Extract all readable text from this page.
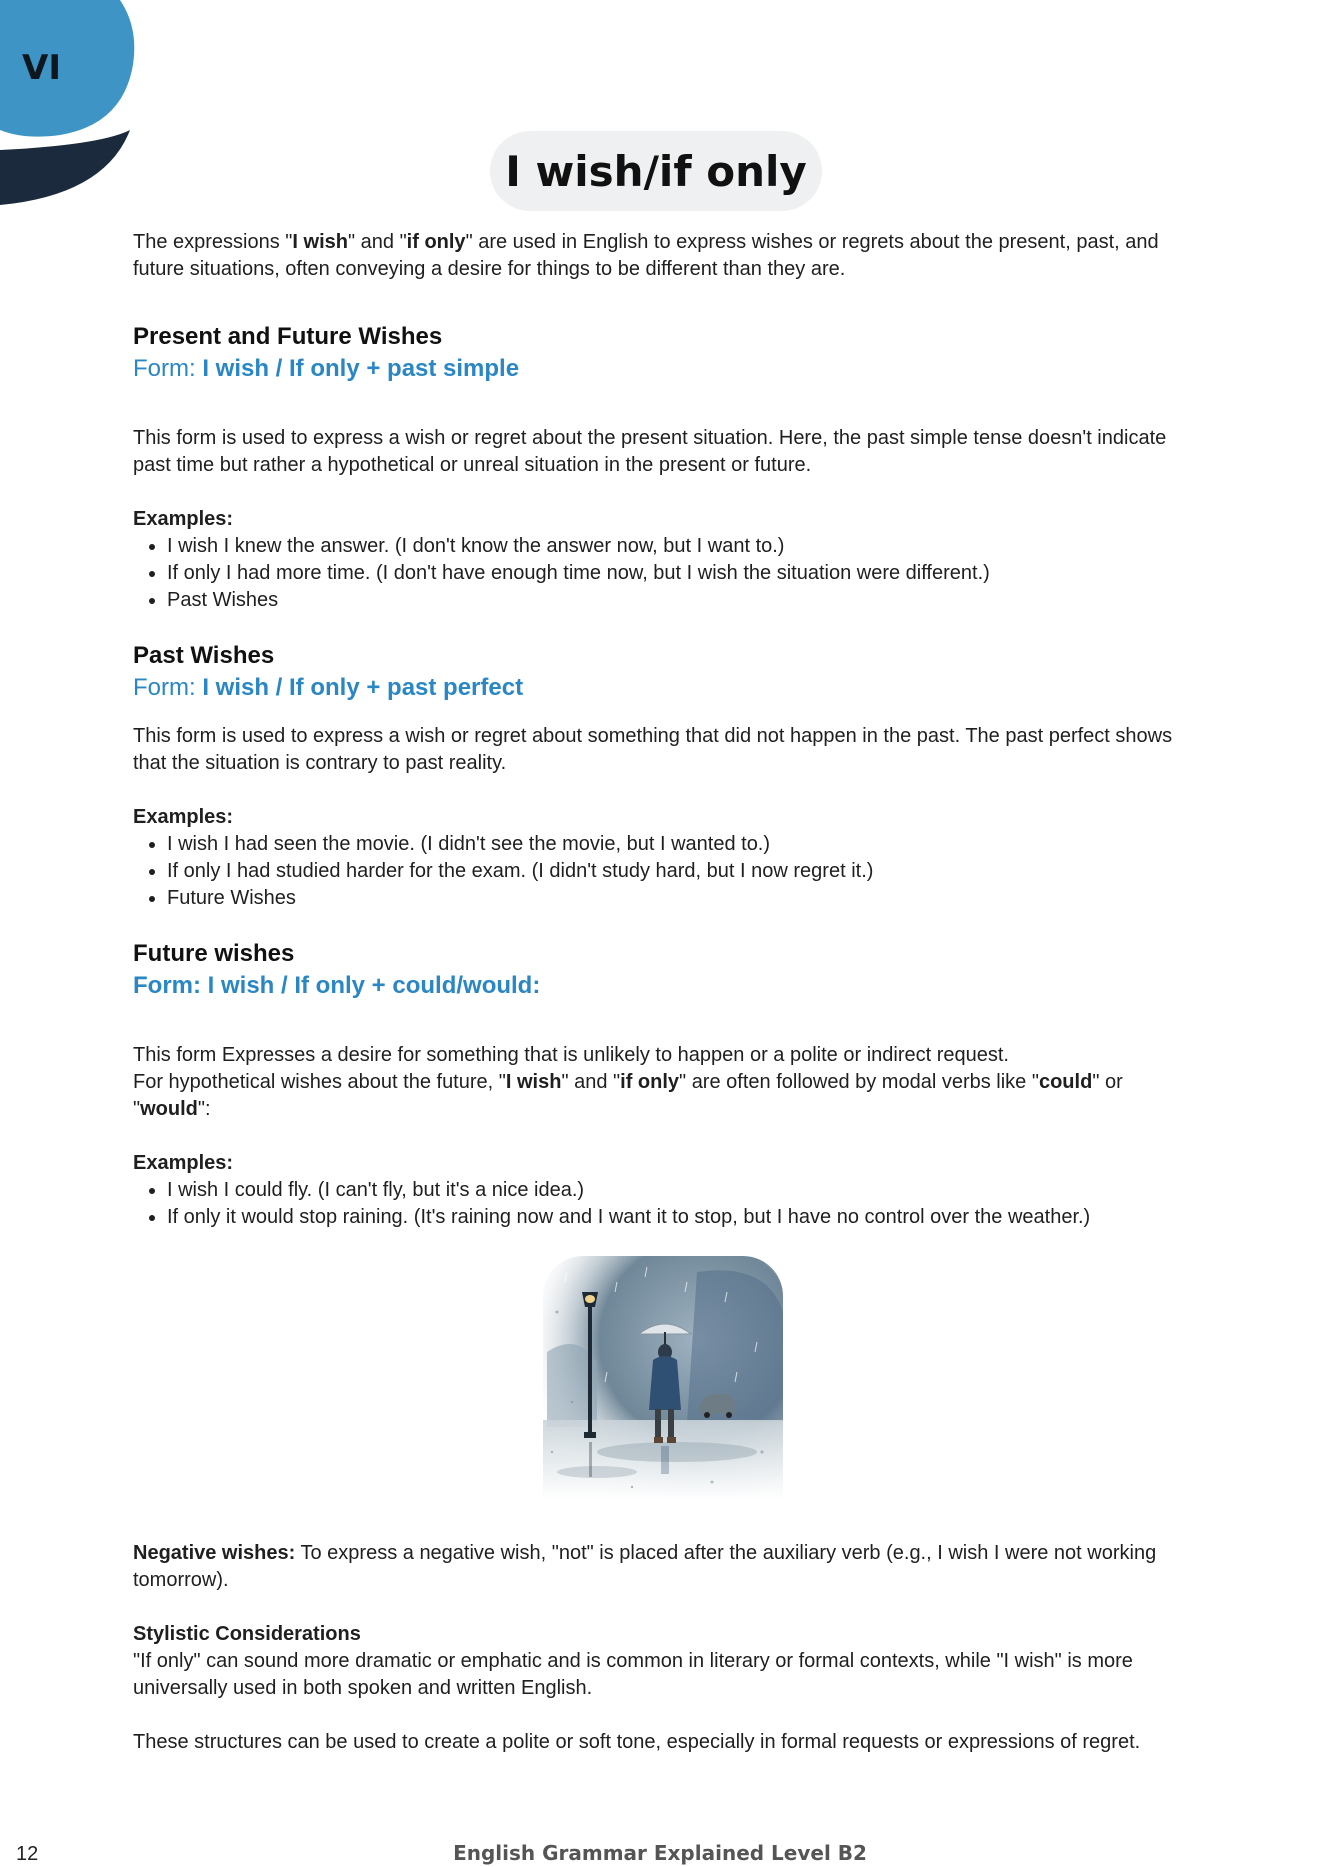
VI
I wish/if only

The expressions "I wish" and "if only" are used in English to express wishes or regrets about the present, past, and future situations, often conveying a desire for things to be different than they are.

Present and Future Wishes

Form: I wish / If only + past simple

This form is used to express a wish or regret about the present situation. Here, the past simple tense doesn't indicate past time but rather a hypothetical or unreal situation in the present or future.

Examples:

• I wish I knew the answer. (I don't know the answer now, but I want to.)
• If only I had more time. (I don't have enough time now, but I wish the situation were different.)
• Past Wishes

Past Wishes

Form: I wish / If only + past perfect

This form is used to express a wish or regret about something that did not happen in the past. The past perfect shows that the situation is contrary to past reality.

Examples:

• I wish I had seen the movie. (I didn't see the movie, but I wanted to.)
• If only I had studied harder for the exam. (I didn't study hard, but I now regret it.)
• Future Wishes

Future wishes

Form: I wish / If only + could/would:

This form Expresses a desire for something that is unlikely to happen or a polite or indirect request.

For hypothetical wishes about the future, "I wish" and "if only" are often followed by modal verbs like "could" or "would":

Examples:

• I wish I could fly. (I can't fly, but it's a nice idea.)
• If only it would stop raining. (It's raining now and I want it to stop, but I have no control over the weather.)

Negative wishes: To express a negative wish, "not" is placed after the auxiliary verb (e.g., I wish I were not working tomorrow).

Stylistic Considerations

"If only" can sound more dramatic or emphatic and is common in literary or formal contexts, while "I wish" is more universally used in both spoken and written English.

These structures can be used to create a polite or soft tone, especially in formal requests or expressions of regret.

12	English Grammar Explained Level B2
